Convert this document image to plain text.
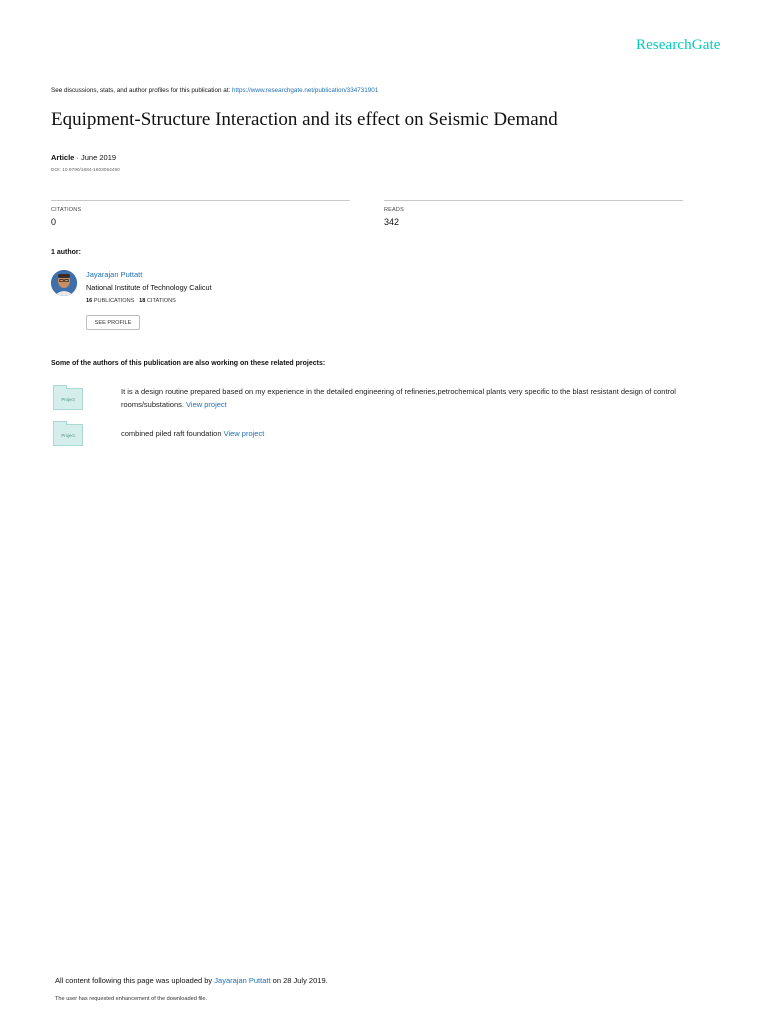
ResearchGate
See discussions, stats, and author profiles for this publication at: https://www.researchgate.net/publication/334731901
Equipment-Structure Interaction and its effect on Seismic Demand
Article · June 2019
DOI: 10.9790/1684-1603054450
CITATIONS
0
READS
342
1 author:
Jayarajan Puttatt
National Institute of Technology Calicut
16 PUBLICATIONS 18 CITATIONS
SEE PROFILE
Some of the authors of this publication are also working on these related projects:
Project
It is a design routine prepared based on my experience in the detailed engineering of refineries,petrochemical plants very specific to the blast resistant design of control rooms/substations. View project
Project	combined piled raft foundation View project
All content following this page was uploaded by Jayarajan Puttatt on 28 July 2019.
The user has requested enhancement of the downloaded file.
